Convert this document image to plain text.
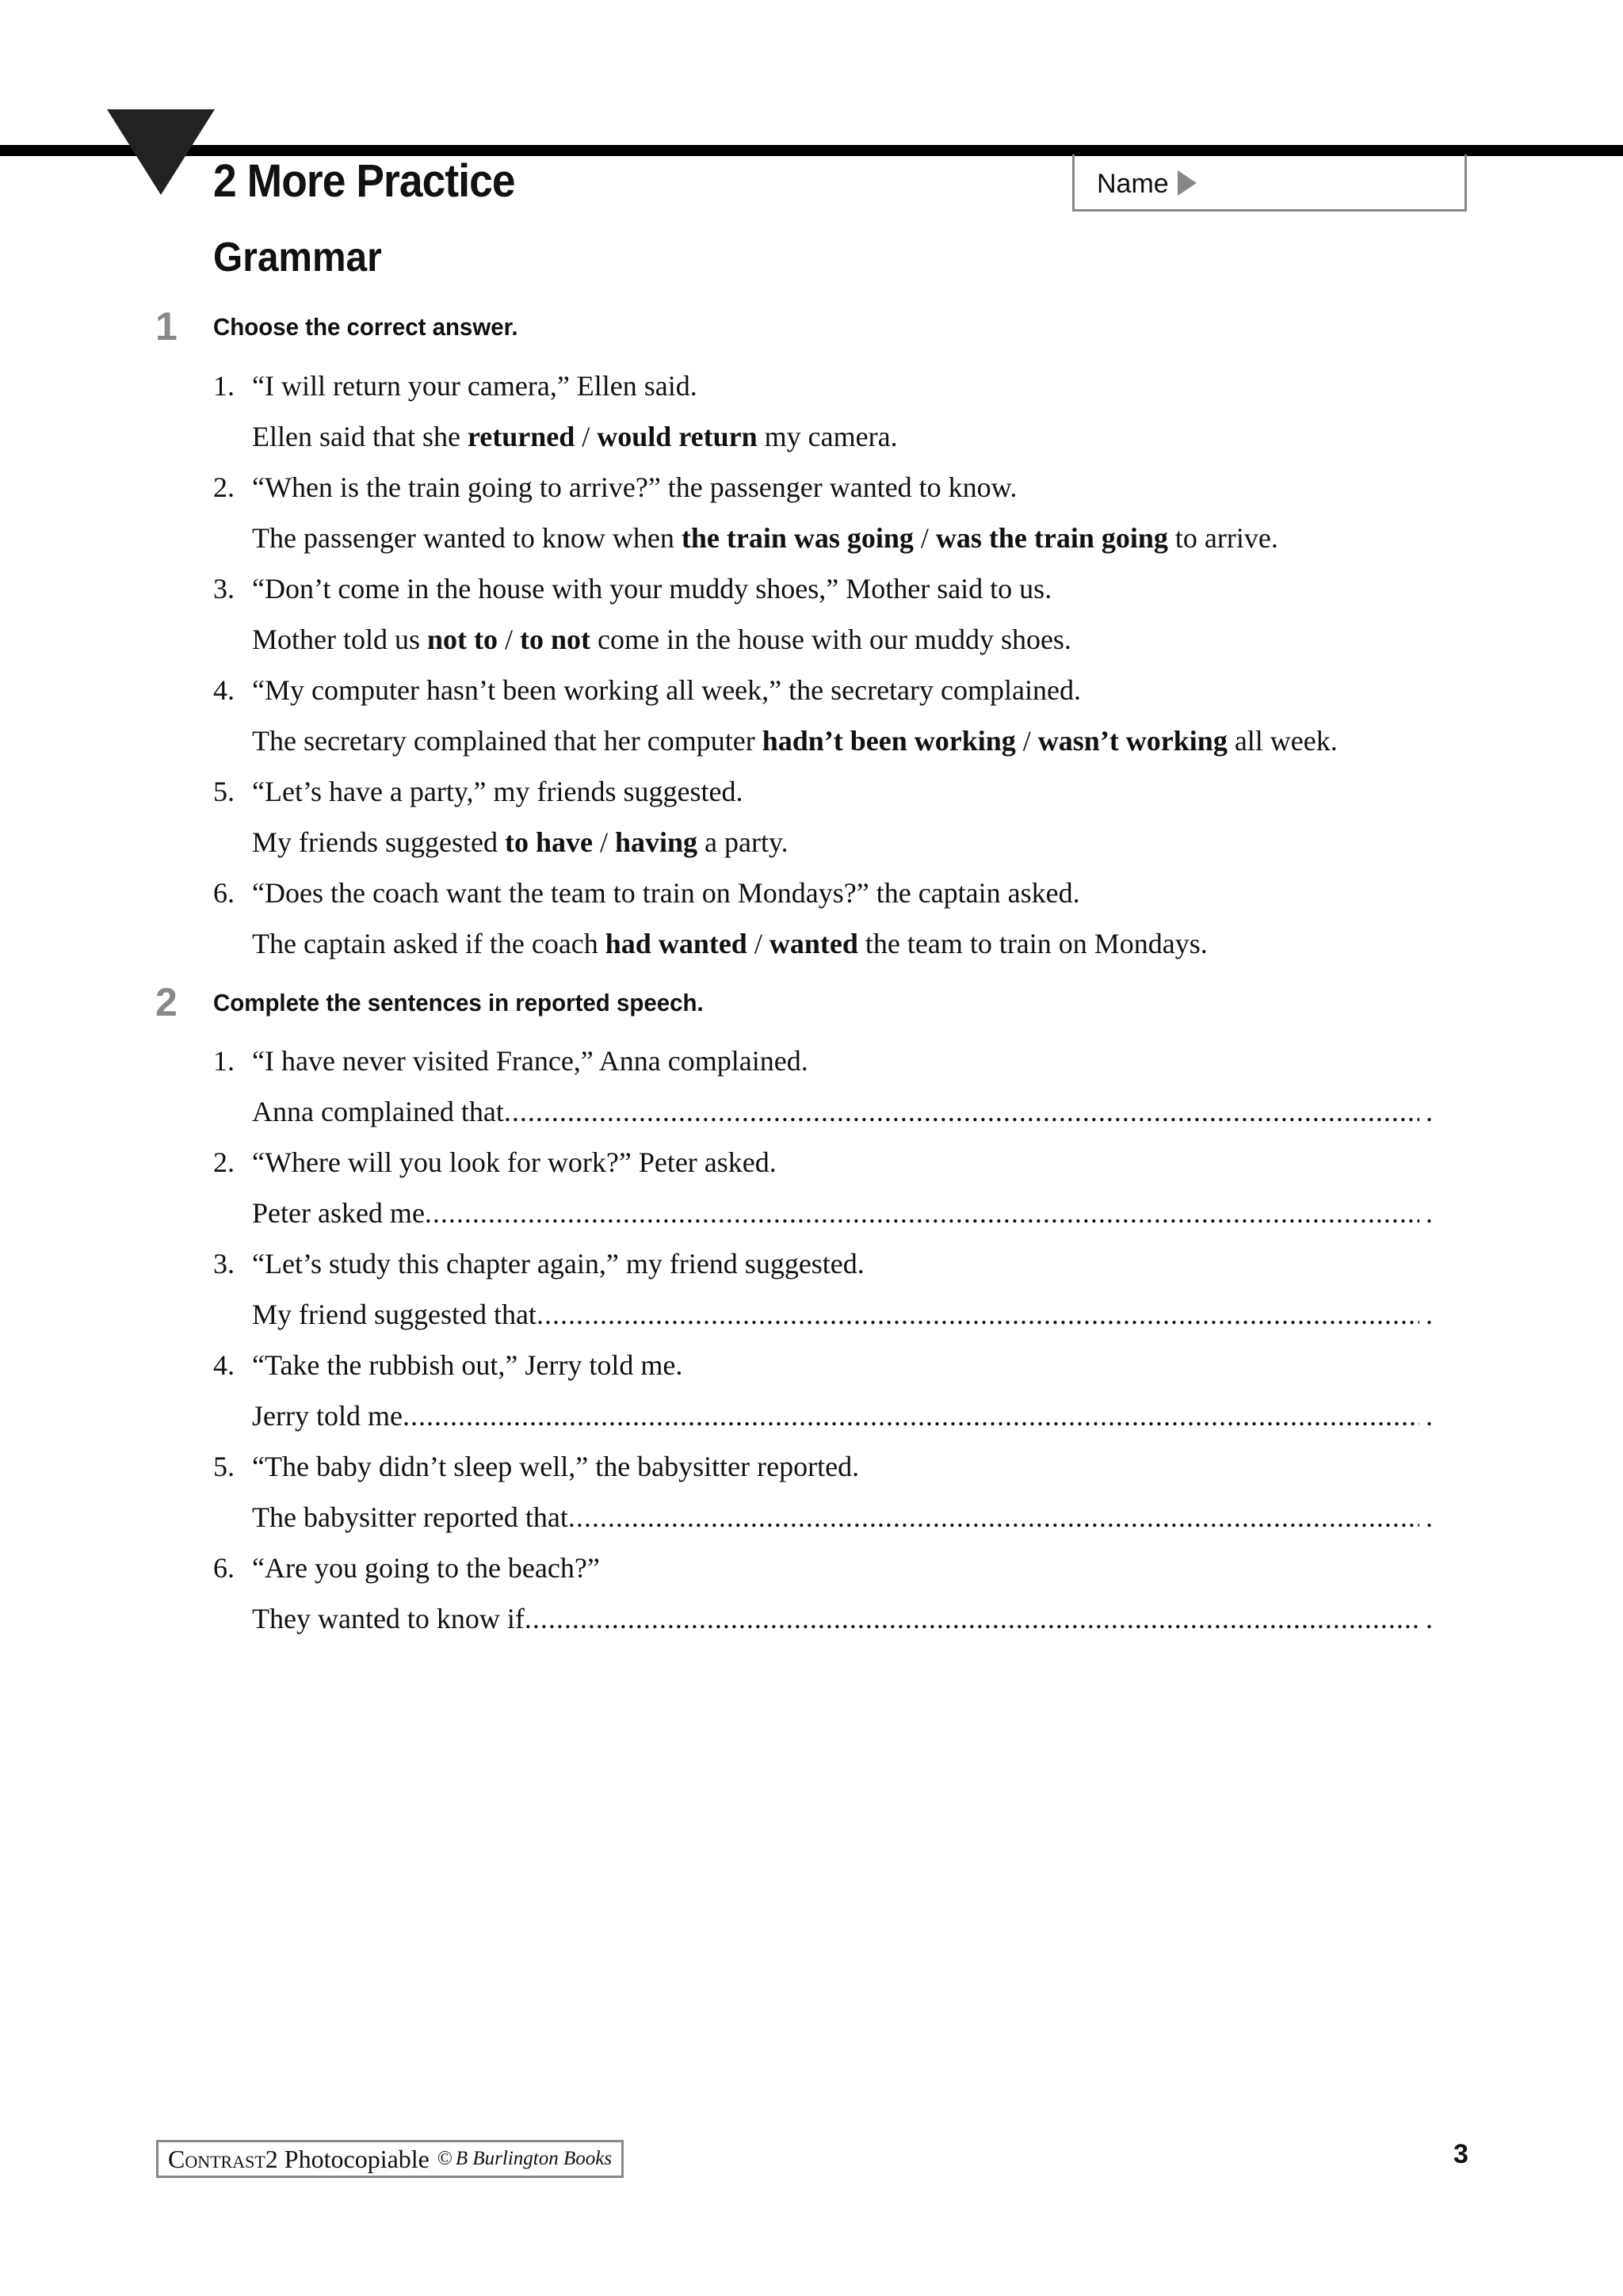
2 More Practice	Name
Grammar
1 Choose the correct answer.
1. “I will return your camera,” Ellen said.
Ellen said that she returned / would return my camera.
2. “When is the train going to arrive?” the passenger wanted to know.
The passenger wanted to know when the train was going / was the train going to arrive.
3. “Don’t come in the house with your muddy shoes,” Mother said to us.
Mother told us not to / to not come in the house with our muddy shoes.
4. “My computer hasn’t been working all week,” the secretary complained.
The secretary complained that her computer hadn’t been working / wasn’t working all week.
5. “Let’s have a party,” my friends suggested.
My friends suggested to have / having a party.
6. “Does the coach want the team to train on Mondays?” the captain asked.
The captain asked if the coach had wanted / wanted the team to train on Mondays.
2 Complete the sentences in reported speech.
1. “I have never visited France,” Anna complained.
Anna complained that .....	.
2. “Where will you look for work?” Peter asked.
Peter asked me .....	.
3. “Let’s study this chapter again,” my friend suggested.
My friend suggested that .....	.
4. “Take the rubbish out,” Jerry told me.
Jerry told me .....	.
5. “The baby didn’t sleep well,” the babysitter reported.
The babysitter reported that .....	.
6. “Are you going to the beach?”
They wanted to know if .....	.
Contrast 2 Photocopiable © B Burlington Books	3
